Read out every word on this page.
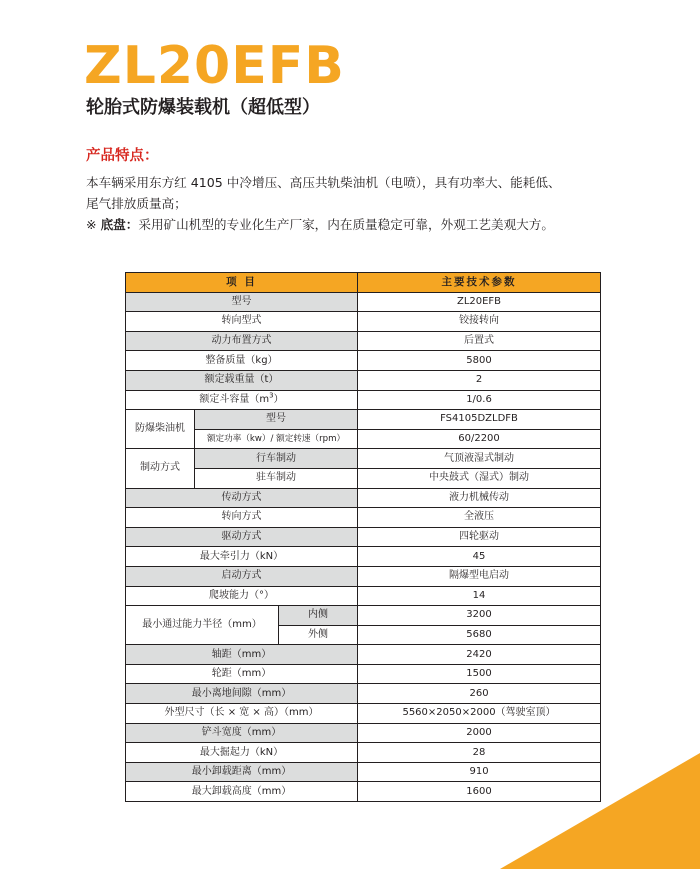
ZL20EFB
轮胎式防爆装载机（超低型）
产品特点：

本车辆采用东方红 4105 中冷增压、高压共轨柴油机（电喷），具有功率大、能耗低、

尾气排放质量高；

※ 底盘：采用矿山机型的专业化生产厂家，内在质量稳定可靠，外观工艺美观大方。

项 目			主要技术参数
型号			ZL20EFB
转向型式			铰接转向
动力布置方式			后置式
整备质量（kg）			5800
额定载重量（t）			2
额定斗容量$(m^3)$			1/0.6
防爆柴油机	型号		FS4105DZLDFB
	额定功率（kw）/ 额定转速（rpm）		60/2200
制动方式	行车制动		气顶液湿式制动
	驻车制动		中央鼓式（湿式）制动
传动方式			液力机械传动
转向方式			全液压
驱动方式			四轮驱动
最大牵引力（kN）			45
启动方式			隔爆型电启动
爬坡能力（°）			14
最小通过能力半径（mm）		内侧	3200
		外侧	5680
轴距（mm）			2420
轮距（mm）			1500
最小离地间隙（mm）			260
外型尺寸（长 × 宽 × 高）（mm）			5560×2050×2000（驾驶室顶）
铲斗宽度（mm）			2000
最大掘起力（kN）			28
最小卸载距离（mm）			910
最大卸载高度（mm）			1600
